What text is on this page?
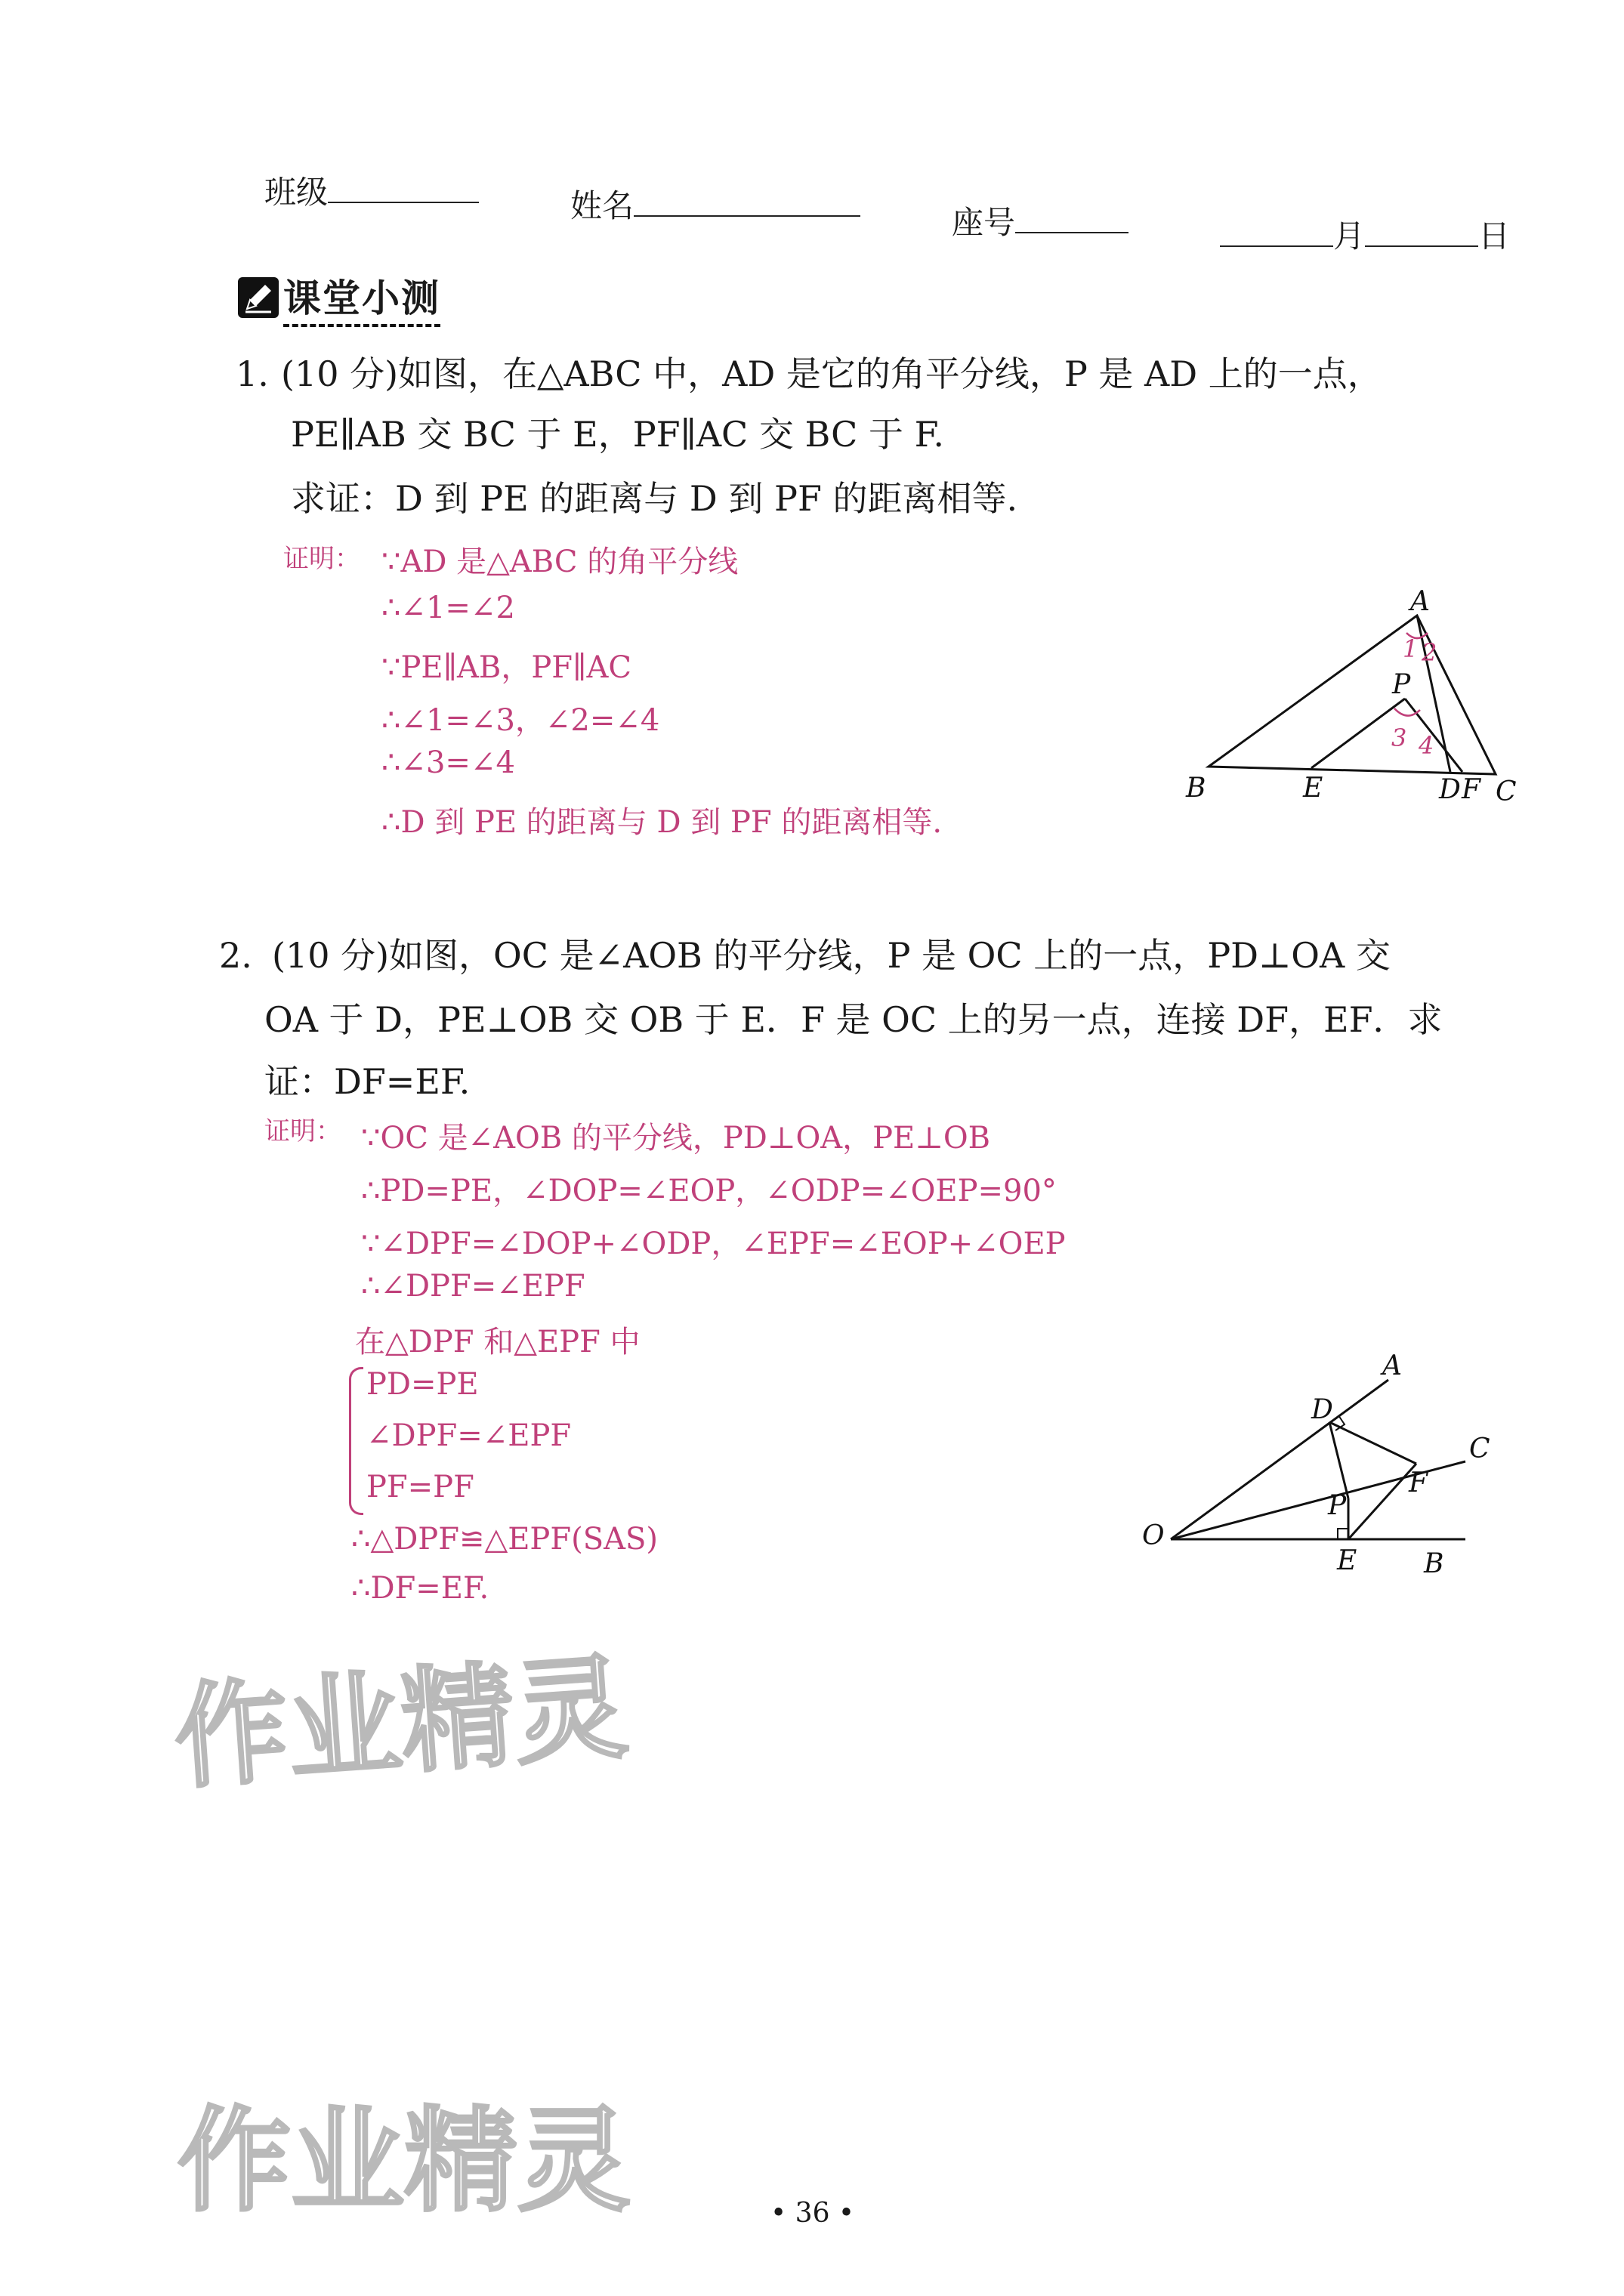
班级	姓名	座号	月	日
课堂小测
1. (10 分)如图，在△ABC 中，AD 是它的角平分线，P 是 AD 上的一点，
PE∥AB 交 BC 于 E，PF∥AC 交 BC 于 F.
求证：D 到 PE 的距离与 D 到 PF 的距离相等.
证明： ∵AD 是△ABC 的角平分线
∴∠1=∠2
∵PE∥AB，PF∥AC
∴∠1=∠3，∠2=∠4
∴∠3=∠4
∴D 到 PE 的距离与 D 到 PF 的距离相等.
A
B	C
D
E	F
P
1 2
3 4
2. (10 分)如图，OC 是∠AOB 的平分线，P 是 OC 上的一点，PD⊥OA 交
OA 于 D，PE⊥OB 交 OB 于 E．F 是 OC 上的另一点，连接 DF，EF．求
证：DF=EF.
证明： ∵OC 是∠AOB 的平分线，PD⊥OA，PE⊥OB
∴PD=PE，∠DOP=∠EOP，∠ODP=∠OEP=90°
∵∠DPF=∠DOP+∠ODP，∠EPF=∠EOP+∠OEP
∴∠DPF=∠EPF
在△DPF 和△EPF 中
PD=PE
∠DPF=∠EPF
PF=PF
∴△DPF≌△EPF(SAS)
∴DF=EF.
A
C
O
D
P
F
E B
作业精灵
作业精灵	• 36 •
